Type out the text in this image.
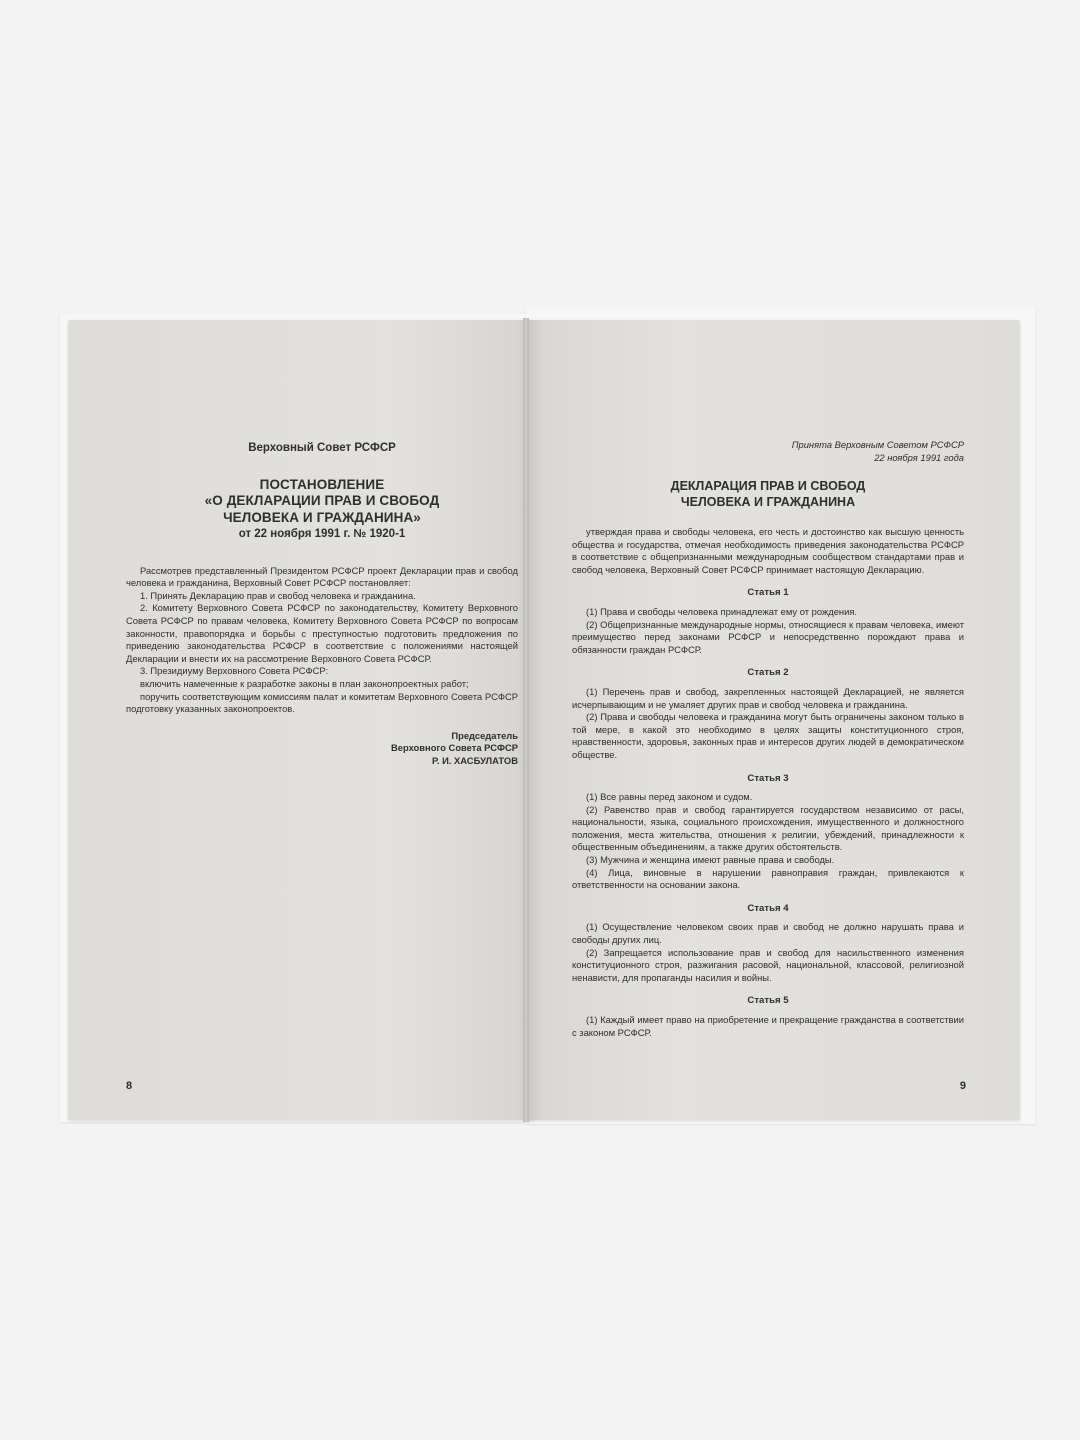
Верховный Совет РСФСР
ПОСТАНОВЛЕНИЕ
«О ДЕКЛАРАЦИИ ПРАВ И СВОБОД
ЧЕЛОВЕКА И ГРАЖДАНИНА»
от 22 ноября 1991 г. № 1920-1

Рассмотрев представленный Президентом РСФСР проект Декларации прав и свобод человека и гражданина, Верховный Совет РСФСР постановляет:

1. Принять Декларацию прав и свобод человека и гражданина.

2. Комитету Верховного Совета РСФСР по законодательству, Комитету Верховного Совета РСФСР по правам человека, Комитету Верховного Совета РСФСР по вопросам законности, правопорядка и борьбы с преступностью подготовить предложения по приведению законодательства РСФСР в соответствие с положениями настоящей Декларации и внести их на рассмотрение Верховного Совета РСФСР.

3. Президиуму Верховного Совета РСФСР:

включить намеченные к разработке законы в план законопроектных работ;

поручить соответствующим комиссиям палат и комитетам Верховного Совета РСФСР подготовку указанных законопроектов.

Председатель
Верховного Совета РСФСР
Р. И. ХАСБУЛАТОВ
8
Принята Верховным Советом РСФСР
22 ноября 1991 года
ДЕКЛАРАЦИЯ ПРАВ И СВОБОД
ЧЕЛОВЕКА И ГРАЖДАНИНА

утверждая права и свободы человека, его честь и достоинство как высшую ценность общества и государства, отмечая необходимость приведения законодательства РСФСР в соответствие с общепризнанными международным сообществом стандартами прав и свобод человека, Верховный Совет РСФСР принимает настоящую Декларацию.

Статья 1

(1) Права и свободы человека принадлежат ему от рождения.

(2) Общепризнанные международные нормы, относящиеся к правам человека, имеют преимущество перед законами РСФСР и непосредственно порождают права и обязанности граждан РСФСР.

Статья 2

(1) Перечень прав и свобод, закрепленных настоящей Декларацией, не является исчерпывающим и не умаляет других прав и свобод человека и гражданина.

(2) Права и свободы человека и гражданина могут быть ограничены законом только в той мере, в какой это необходимо в целях защиты конституционного строя, нравственности, здоровья, законных прав и интересов других людей в демократическом обществе.

Статья 3

(1) Все равны перед законом и судом.

(2) Равенство прав и свобод гарантируется государством независимо от расы, национальности, языка, социального происхождения, имущественного и должностного положения, места жительства, отношения к религии, убеждений, принадлежности к общественным объединениям, а также других обстоятельств.

(3) Мужчина и женщина имеют равные права и свободы.

(4) Лица, виновные в нарушении равноправия граждан, привлекаются к ответственности на основании закона.

Статья 4

(1) Осуществление человеком своих прав и свобод не должно нарушать права и свободы других лиц.

(2) Запрещается использование прав и свобод для насильственного изменения конституционного строя, разжигания расовой, национальной, классовой, религиозной ненависти, для пропаганды насилия и войны.

Статья 5

(1) Каждый имеет право на приобретение и прекращение гражданства в соответствии с законом РСФСР.

9
